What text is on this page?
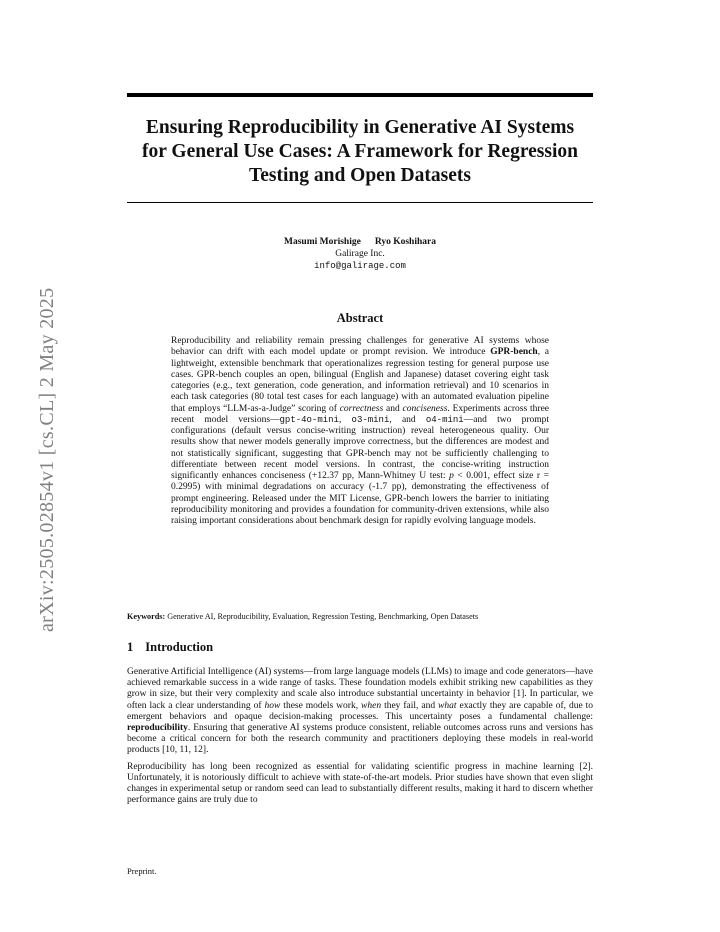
arXiv:2505.02854v1 [cs.CL] 2 May 2025
Ensuring Reproducibility in Generative AI Systems
for General Use Cases: A Framework for Regression
Testing and Open Datasets
Masumi Morishige Ryo Koshihara
Galirage Inc.
info@galirage.com
Abstract

Reproducibility and reliability remain pressing challenges for generative AI systems whose behavior can drift with each model update or prompt revision. We introduce GPR-bench, a lightweight, extensible benchmark that operationalizes regression testing for general purpose use cases. GPR-bench couples an open, bilingual (English and Japanese) dataset covering eight task categories (e.g., text generation, code generation, and information retrieval) and 10 scenarios in each task categories (80 total test cases for each language) with an automated evaluation pipeline that employs “LLM-as-a-Judge” scoring of correctness and conciseness. Experiments across three recent model versions—gpt-4o-mini, o3-mini, and o4-mini—and two prompt configurations (default versus concise-writing instruction) reveal heterogeneous quality. Our results show that newer models generally improve correctness, but the differences are modest and not statistically significant, suggesting that GPR-bench may not be sufficiently challenging to differentiate between recent model versions. In contrast, the concise-writing instruction significantly enhances conciseness (+12.37 pp, Mann-Whitney U test: p < 0.001, effect size r = 0.2995) with minimal degradations on accuracy (-1.7 pp), demonstrating the effectiveness of prompt engineering. Released under the MIT License, GPR-bench lowers the barrier to initiating reproducibility monitoring and provides a foundation for community-driven extensions, while also raising important considerations about benchmark design for rapidly evolving language models.

Keywords: Generative AI, Reproducibility, Evaluation, Regression Testing, Benchmarking, Open Datasets
1 Introduction

Generative Artificial Intelligence (AI) systems—from large language models (LLMs) to image and code generators—have achieved remarkable success in a wide range of tasks. These foundation models exhibit striking new capabilities as they grow in size, but their very complexity and scale also introduce substantial uncertainty in behavior [1]. In particular, we often lack a clear understanding of how these models work, when they fail, and what exactly they are capable of, due to emergent behaviors and opaque decision-making processes. This uncertainty poses a fundamental challenge: reproducibility. Ensuring that generative AI systems produce consistent, reliable outcomes across runs and versions has become a critical concern for both the research community and practitioners deploying these models in real-world products [10, 11, 12].

Reproducibility has long been recognized as essential for validating scientific progress in machine learning [2]. Unfortunately, it is notoriously difficult to achieve with state-of-the-art models. Prior studies have shown that even slight changes in experimental setup or random seed can lead to substantially different results, making it hard to discern whether performance gains are truly due to

Preprint.
